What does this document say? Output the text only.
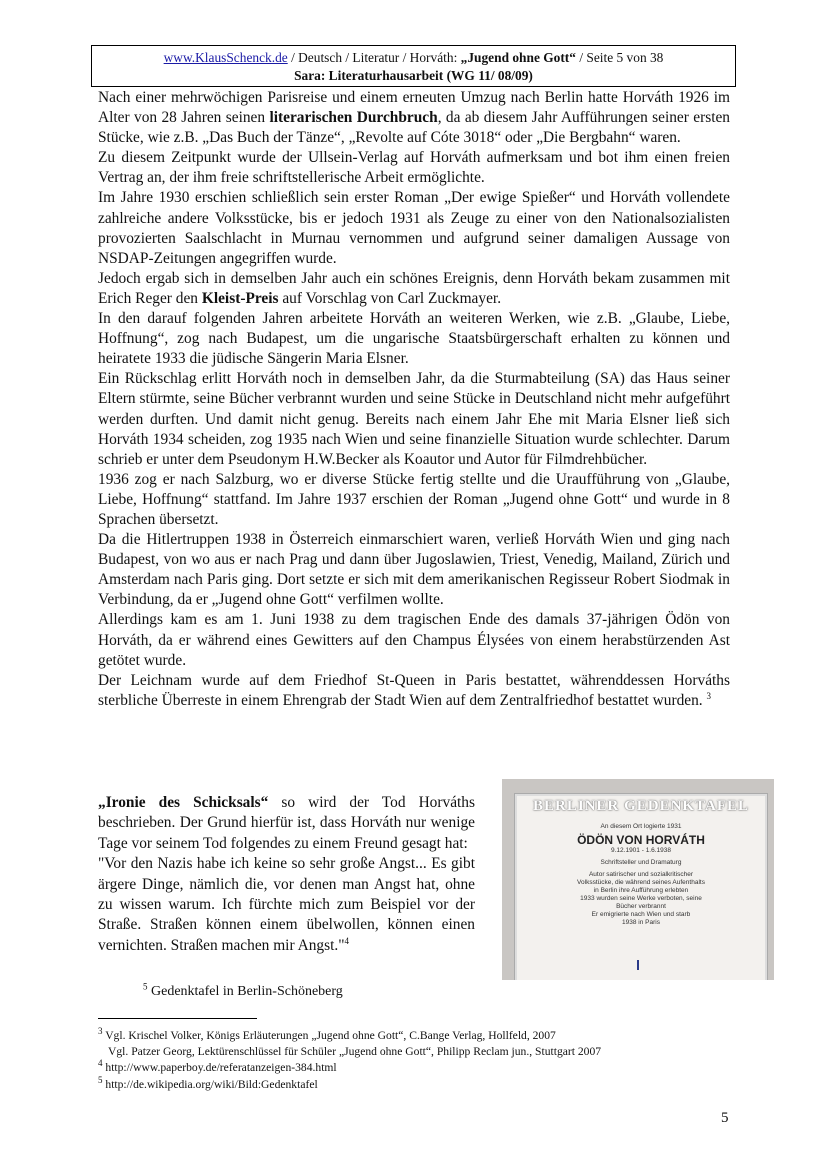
www.KlausSchenck.de / Deutsch / Literatur / Horváth: „Jugend ohne Gott“ / Seite 5 von 38
Sara: Literaturhausarbeit (WG 11/ 08/09)

Nach einer mehrwöchigen Parisreise und einem erneuten Umzug nach Berlin hatte Horváth 1926 im Alter von 28 Jahren seinen literarischen Durchbruch, da ab diesem Jahr Aufführungen seiner ersten Stücke, wie z.B. „Das Buch der Tänze“, „Revolte auf Cóte 3018“ oder „Die Bergbahn“ waren.

Zu diesem Zeitpunkt wurde der Ullsein-Verlag auf Horváth aufmerksam und bot ihm einen freien Vertrag an, der ihm freie schriftstellerische Arbeit ermöglichte.

Im Jahre 1930 erschien schließlich sein erster Roman „Der ewige Spießer“ und Horváth vollendete zahlreiche andere Volksstücke, bis er jedoch 1931 als Zeuge zu einer von den Nationalsozialisten provozierten Saalschlacht in Murnau vernommen und aufgrund seiner damaligen Aussage von NSDAP-Zeitungen angegriffen wurde.

Jedoch ergab sich in demselben Jahr auch ein schönes Ereignis, denn Horváth bekam zusammen mit Erich Reger den Kleist-Preis auf Vorschlag von Carl Zuckmayer.

In den darauf folgenden Jahren arbeitete Horváth an weiteren Werken, wie z.B. „Glaube, Liebe, Hoffnung“, zog nach Budapest, um die ungarische Staatsbürgerschaft erhalten zu können und heiratete 1933 die jüdische Sängerin Maria Elsner.

Ein Rückschlag erlitt Horváth noch in demselben Jahr, da die Sturmabteilung (SA) das Haus seiner Eltern stürmte, seine Bücher verbrannt wurden und seine Stücke in Deutschland nicht mehr aufgeführt werden durften. Und damit nicht genug. Bereits nach einem Jahr Ehe mit Maria Elsner ließ sich Horváth 1934 scheiden, zog 1935 nach Wien und seine finanzielle Situation wurde schlechter. Darum schrieb er unter dem Pseudonym H.W.Becker als Koautor und Autor für Filmdrehbücher.

1936 zog er nach Salzburg, wo er diverse Stücke fertig stellte und die Uraufführung von „Glaube, Liebe, Hoffnung“ stattfand. Im Jahre 1937 erschien der Roman „Jugend ohne Gott“ und wurde in 8 Sprachen übersetzt.

Da die Hitlertruppen 1938 in Österreich einmarschiert waren, verließ Horváth Wien und ging nach Budapest, von wo aus er nach Prag und dann über Jugoslawien, Triest, Venedig, Mailand, Zürich und Amsterdam nach Paris ging. Dort setzte er sich mit dem amerikanischen Regisseur Robert Siodmak in Verbindung, da er „Jugend ohne Gott“ verfilmen wollte.

Allerdings kam es am 1. Juni 1938 zu dem tragischen Ende des damals 37-jährigen Ödön von Horváth, da er während eines Gewitters auf den Champus Élysées von einem herabstürzenden Ast getötet wurde.

Der Leichnam wurde auf dem Friedhof St-Queen in Paris bestattet, währenddessen Horváths sterbliche Überreste in einem Ehrengrab der Stadt Wien auf dem Zentralfriedhof bestattet wurden. $^3$

„Ironie des Schicksals“ so wird der Tod Horváths beschrieben. Der Grund hierfür ist, dass Horváth nur wenige Tage vor seinem Tod folgendes zu einem Freund gesagt hat:

"Vor den Nazis habe ich keine so sehr große Angst... Es gibt ärgere Dinge, nämlich die, vor denen man Angst hat, ohne zu wissen warum. Ich fürchte mich zum Beispiel vor der Straße. Straßen können einem übelwollen, können einen vernichten. Straßen machen mir Angst."$^4$

BERLINER GEDENKTAFEL
An diesem Ort logierte 1931
ÖDÖN VON HORVÁTH
9.12.1901 - 1.6.1938
Schriftsteller und Dramaturg
Autor satirischer und sozialkritischer
Volksstücke, die während seines Aufenthalts
in Berlin ihre Aufführung erlebten
1933 wurden seine Werke verboten, seine
Bücher verbrannt
Er emigrierte nach Wien und starb
1938 in Paris
$^5$ Gedenktafel in Berlin-Schöneberg
$^3$ Vgl. Krischel Volker, Königs Erläuterungen „Jugend ohne Gott“, C.Bange Verlag, Hollfeld, 2007
Vgl. Patzer Georg, Lektürenschlüssel für Schüler „Jugend ohne Gott“, Philipp Reclam jun., Stuttgart 2007
$^4$ http://www.paperboy.de/referatanzeigen-384.html
$^5$ http://de.wikipedia.org/wiki/Bild:Gedenktafel
5
